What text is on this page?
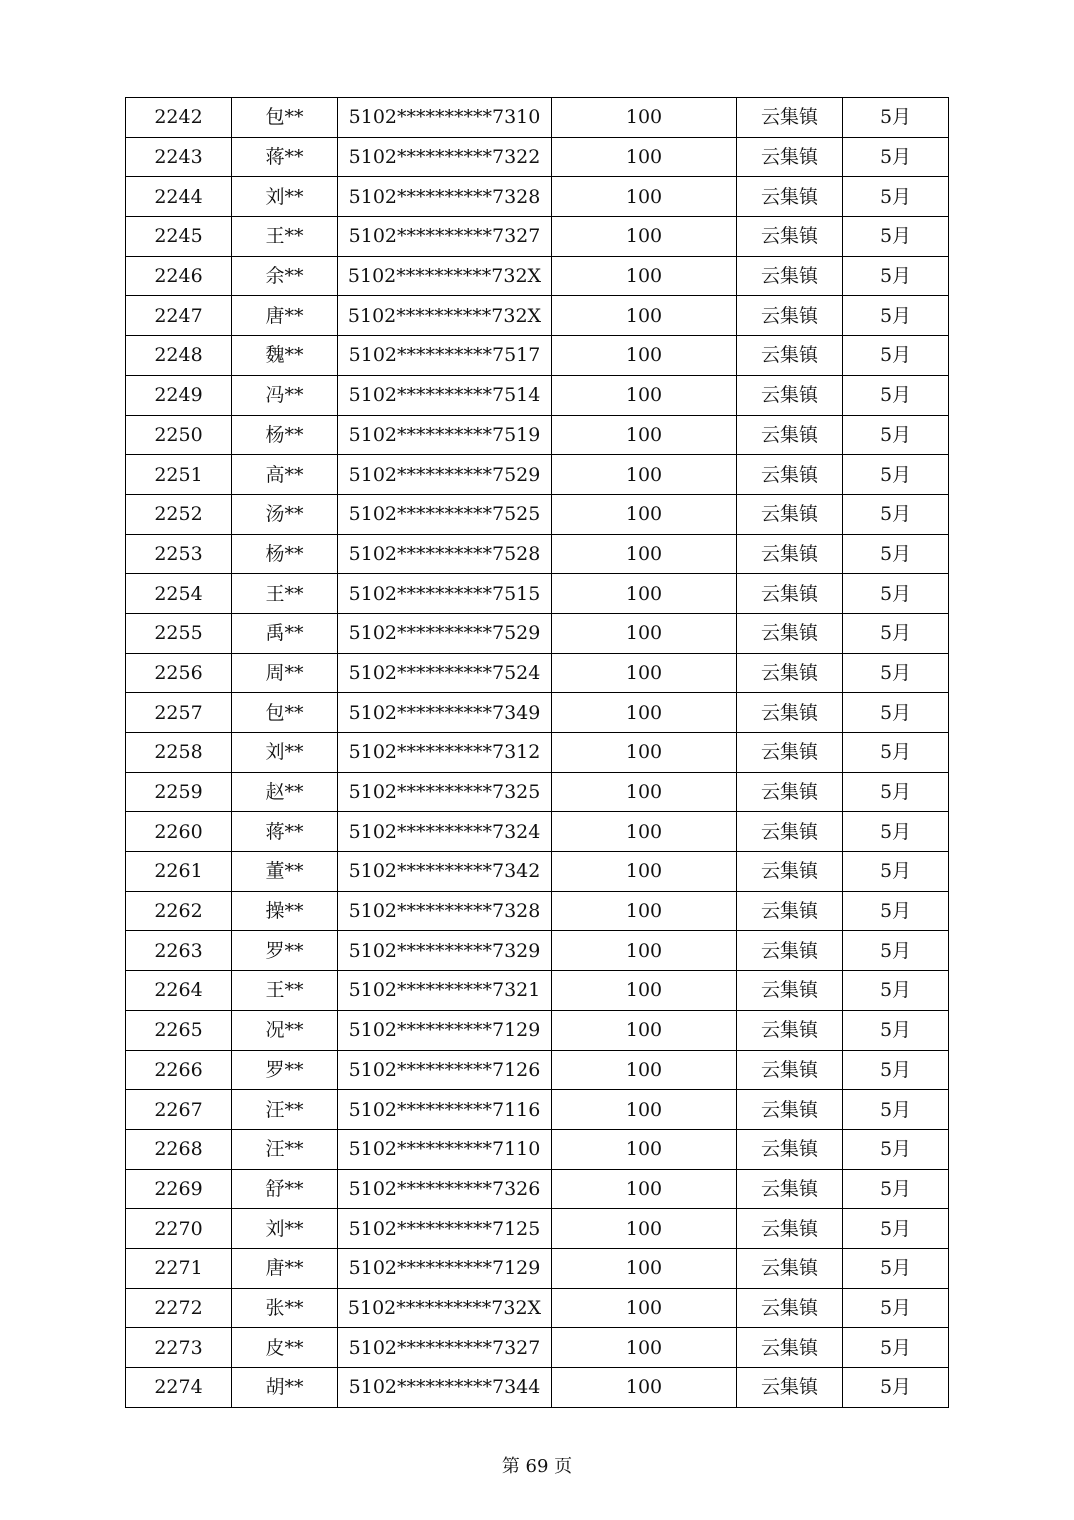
2242	包**	5102**********7310	100	云集镇	5月
2243	蒋**	5102**********7322	100	云集镇	5月
2244	刘**	5102**********7328	100	云集镇	5月
2245	王**	5102**********7327	100	云集镇	5月
2246	余**	5102**********732X	100	云集镇	5月
2247	唐**	5102**********732X	100	云集镇	5月
2248	魏**	5102**********7517	100	云集镇	5月
2249	冯**	5102**********7514	100	云集镇	5月
2250	杨**	5102**********7519	100	云集镇	5月
2251	高**	5102**********7529	100	云集镇	5月
2252	汤**	5102**********7525	100	云集镇	5月
2253	杨**	5102**********7528	100	云集镇	5月
2254	王**	5102**********7515	100	云集镇	5月
2255	禹**	5102**********7529	100	云集镇	5月
2256	周**	5102**********7524	100	云集镇	5月
2257	包**	5102**********7349	100	云集镇	5月
2258	刘**	5102**********7312	100	云集镇	5月
2259	赵**	5102**********7325	100	云集镇	5月
2260	蒋**	5102**********7324	100	云集镇	5月
2261	董**	5102**********7342	100	云集镇	5月
2262	操**	5102**********7328	100	云集镇	5月
2263	罗**	5102**********7329	100	云集镇	5月
2264	王**	5102**********7321	100	云集镇	5月
2265	况**	5102**********7129	100	云集镇	5月
2266	罗**	5102**********7126	100	云集镇	5月
2267	汪**	5102**********7116	100	云集镇	5月
2268	汪**	5102**********7110	100	云集镇	5月
2269	舒**	5102**********7326	100	云集镇	5月
2270	刘**	5102**********7125	100	云集镇	5月
2271	唐**	5102**********7129	100	云集镇	5月
2272	张**	5102**********732X	100	云集镇	5月
2273	皮**	5102**********7327	100	云集镇	5月
2274	胡**	5102**********7344	100	云集镇	5月
第 69 页
